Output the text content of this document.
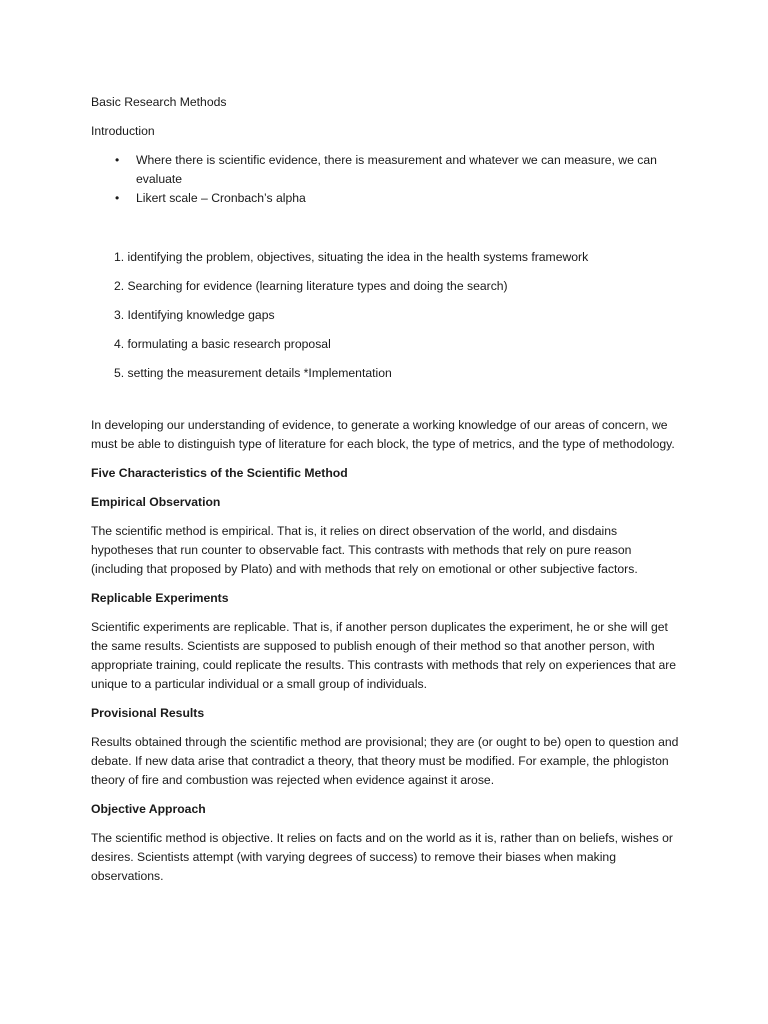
Basic Research Methods

Introduction

• Where there is scientific evidence, there is measurement and whatever we can measure, we can evaluate
• Likert scale – Cronbach’s alpha
1. identifying the problem, objectives, situating the idea in the health systems framework
2. Searching for evidence (learning literature types and doing the search)
3. Identifying knowledge gaps
4. formulating a basic research proposal
5. setting the measurement details *Implementation

In developing our understanding of evidence, to generate a working knowledge of our areas of concern, we must be able to distinguish type of literature for each block, the type of metrics, and the type of methodology.

Five Characteristics of the Scientific Method

Empirical Observation

The scientific method is empirical. That is, it relies on direct observation of the world, and disdains hypotheses that run counter to observable fact. This contrasts with methods that rely on pure reason (including that proposed by Plato) and with methods that rely on emotional or other subjective factors.

Replicable Experiments

Scientific experiments are replicable. That is, if another person duplicates the experiment, he or she will get the same results. Scientists are supposed to publish enough of their method so that another person, with appropriate training, could replicate the results. This contrasts with methods that rely on experiences that are unique to a particular individual or a small group of individuals.

Provisional Results

Results obtained through the scientific method are provisional; they are (or ought to be) open to question and debate. If new data arise that contradict a theory, that theory must be modified. For example, the phlogiston theory of fire and combustion was rejected when evidence against it arose.

Objective Approach

The scientific method is objective. It relies on facts and on the world as it is, rather than on beliefs, wishes or desires. Scientists attempt (with varying degrees of success) to remove their biases when making observations.
